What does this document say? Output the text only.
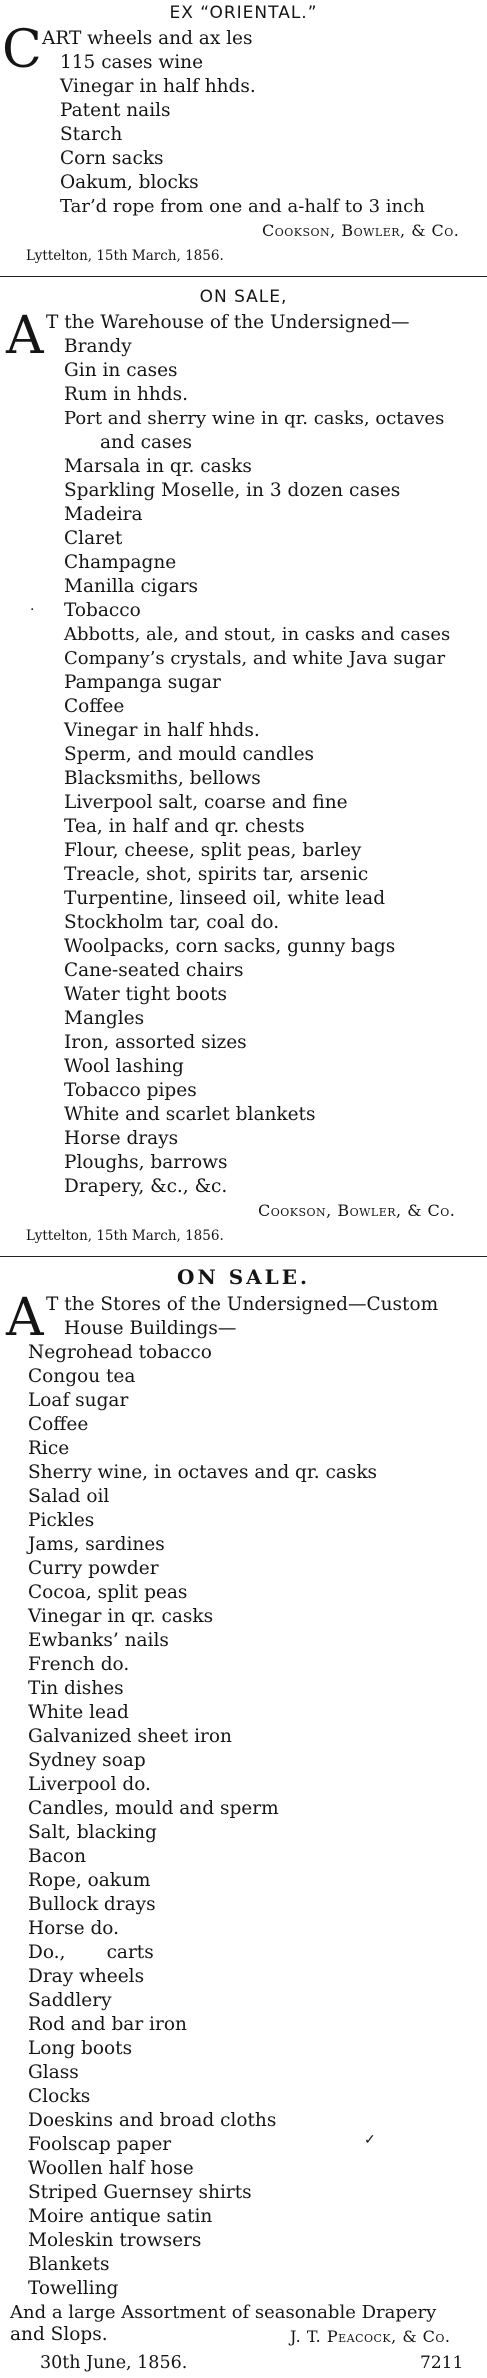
EX “ORIENTAL.”
C ART wheels and ax les
115 cases wine
Vinegar in half hhds.
Patent nails
Starch
Corn sacks
Oakum, blocks
Tar’d rope from one and a-half to 3 inch
Cookson, Bowler, & Co.
Lyttelton, 15th March, 1856.
ON SALE,
A T the Warehouse of the Undersigned—
Brandy
Gin in cases
Rum in hhds.
Port and sherry wine in qr. casks, octaves
and cases
Marsala in qr. casks
Sparkling Moselle, in 3 dozen cases
Madeira
Claret
Champagne
Manilla cigars
· Tobacco
Abbotts, ale, and stout, in casks and cases
Company’s crystals, and white Java sugar
Pampanga sugar
Coffee
Vinegar in half hhds.
Sperm, and mould candles
Blacksmiths, bellows
Liverpool salt, coarse and fine
Tea, in half and qr. chests
Flour, cheese, split peas, barley
Treacle, shot, spirits tar, arsenic
Turpentine, linseed oil, white lead
Stockholm tar, coal do.
Woolpacks, corn sacks, gunny bags
Cane-seated chairs
Water tight boots
Mangles
Iron, assorted sizes
Wool lashing
Tobacco pipes
White and scarlet blankets
Horse drays
Ploughs, barrows
Drapery, &c., &c.
Cookson, Bowler, & Co.
Lyttelton, 15th March, 1856.
ON SALE.
A T the Stores of the Undersigned—Custom
House Buildings—
Negrohead tobacco
Congou tea
Loaf sugar
Coffee
Rice
Sherry wine, in octaves and qr. casks
Salad oil
Pickles
Jams, sardines
Curry powder
Cocoa, split peas
Vinegar in qr. casks
Ewbanks’ nails
French do.
Tin dishes
White lead
Galvanized sheet iron
Sydney soap
Liverpool do.
Candles, mould and sperm
Salt, blacking
Bacon
Rope, oakum
Bullock drays
Horse do.
Do.,       carts
Dray wheels
Saddlery
Rod and bar iron
Long boots
Glass
Clocks
Doeskins and broad cloths
Foolscap paper	✓
Woollen half hose
Striped Guernsey shirts
Moire antique satin
Moleskin trowsers
Blankets
Towelling
And a large Assortment of seasonable Drapery
and Slops.	J. T. Peacock, & Co.
30th June, 1856.	7211
